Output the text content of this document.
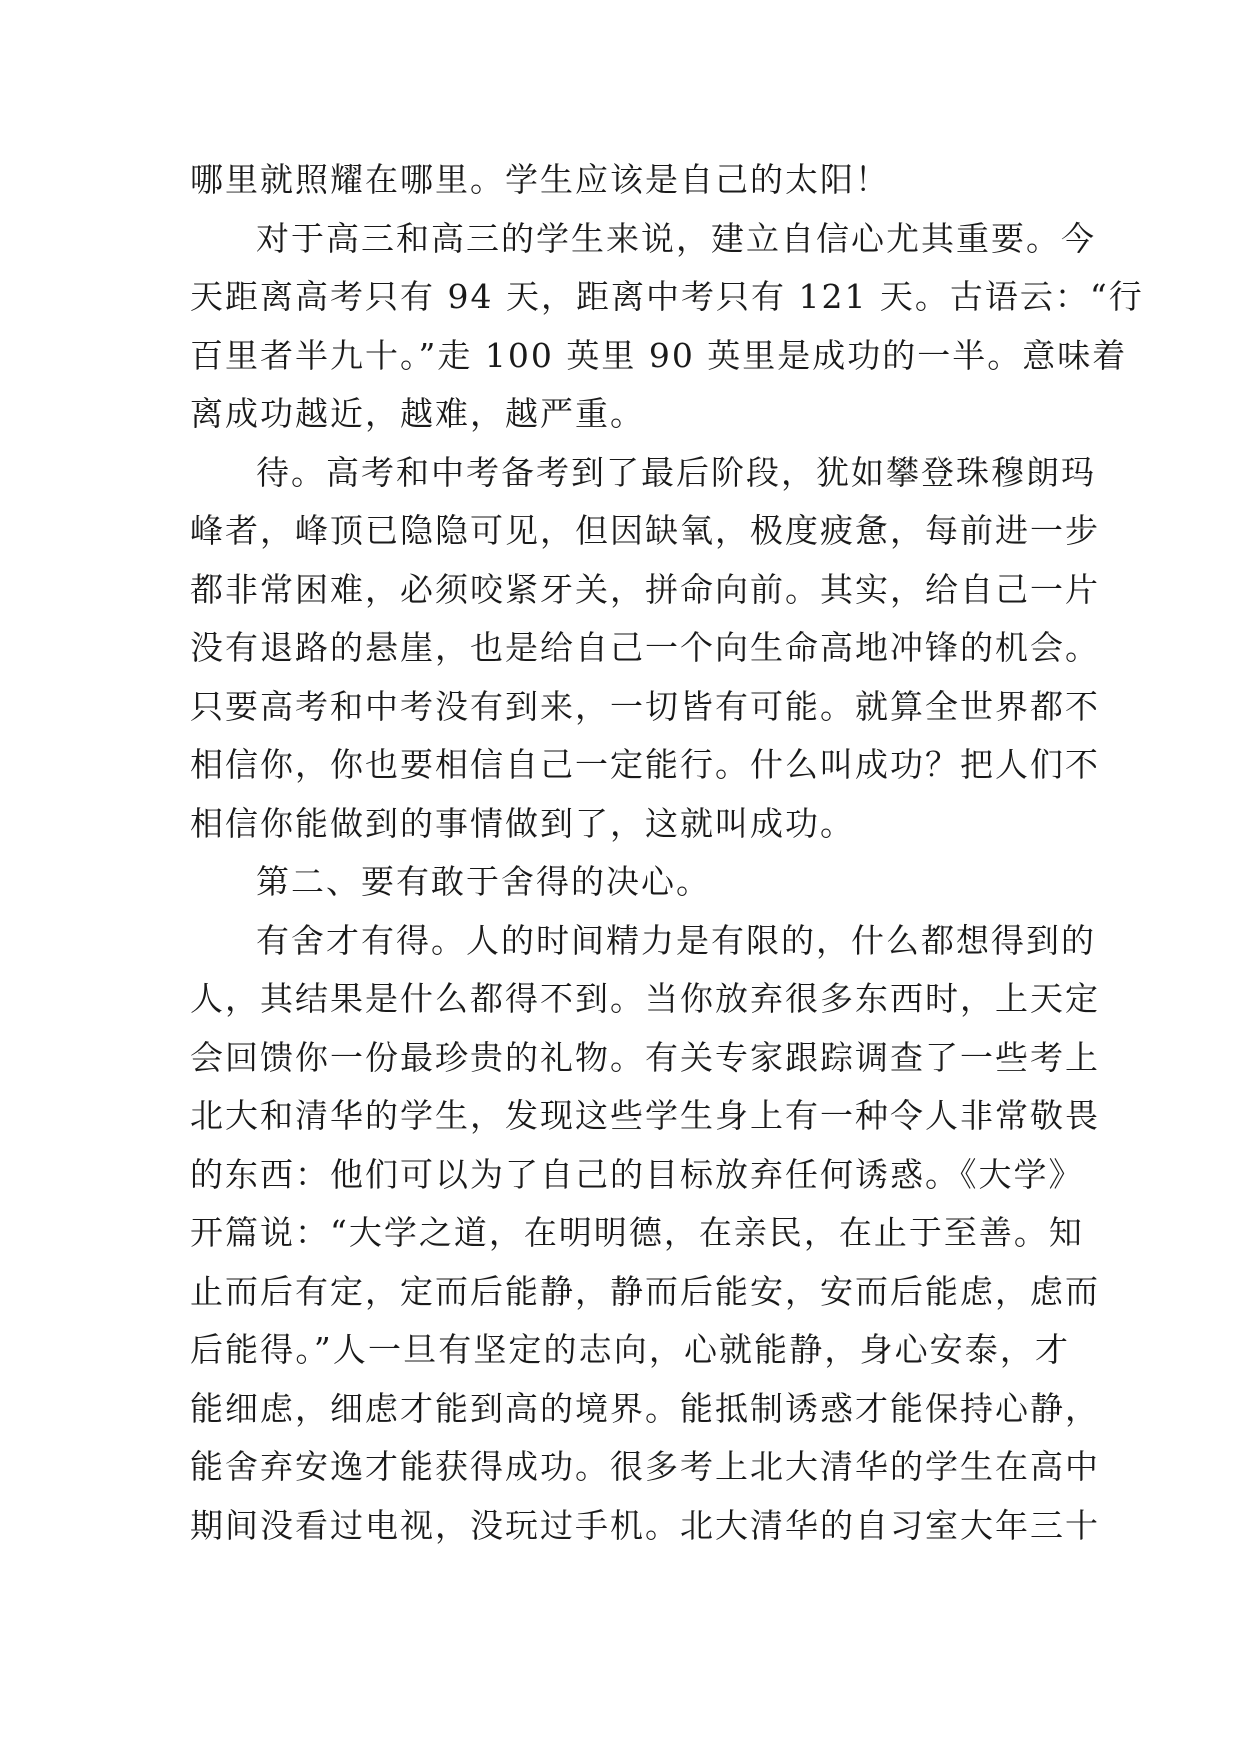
哪里就照耀在哪里。学生应该是自己的太阳！
对于高三和高三的学生来说，建立自信心尤其重要。今
天距离高考只有 94 天，距离中考只有 121 天。古语云：“行
百里者半九十。”走 100 英里 90 英里是成功的一半。意味着
离成功越近，越难，越严重。
待。高考和中考备考到了最后阶段，犹如攀登珠穆朗玛
峰者，峰顶已隐隐可见，但因缺氧，极度疲惫，每前进一步
都非常困难，必须咬紧牙关，拼命向前。其实，给自己一片
没有退路的悬崖，也是给自己一个向生命高地冲锋的机会。
只要高考和中考没有到来，一切皆有可能。就算全世界都不
相信你，你也要相信自己一定能行。什么叫成功？把人们不
相信你能做到的事情做到了，这就叫成功。
第二、要有敢于舍得的决心。
有舍才有得。人的时间精力是有限的，什么都想得到的
人，其结果是什么都得不到。当你放弃很多东西时，上天定
会回馈你一份最珍贵的礼物。有关专家跟踪调查了一些考上
北大和清华的学生，发现这些学生身上有一种令人非常敬畏
的东西：他们可以为了自己的目标放弃任何诱惑。《大学》
开篇说：“大学之道，在明明德，在亲民，在止于至善。知
止而后有定，定而后能静，静而后能安，安而后能虑，虑而
后能得。”人一旦有坚定的志向，心就能静，身心安泰，才
能细虑，细虑才能到高的境界。能抵制诱惑才能保持心静，
能舍弃安逸才能获得成功。很多考上北大清华的学生在高中
期间没看过电视，没玩过手机。北大清华的自习室大年三十
